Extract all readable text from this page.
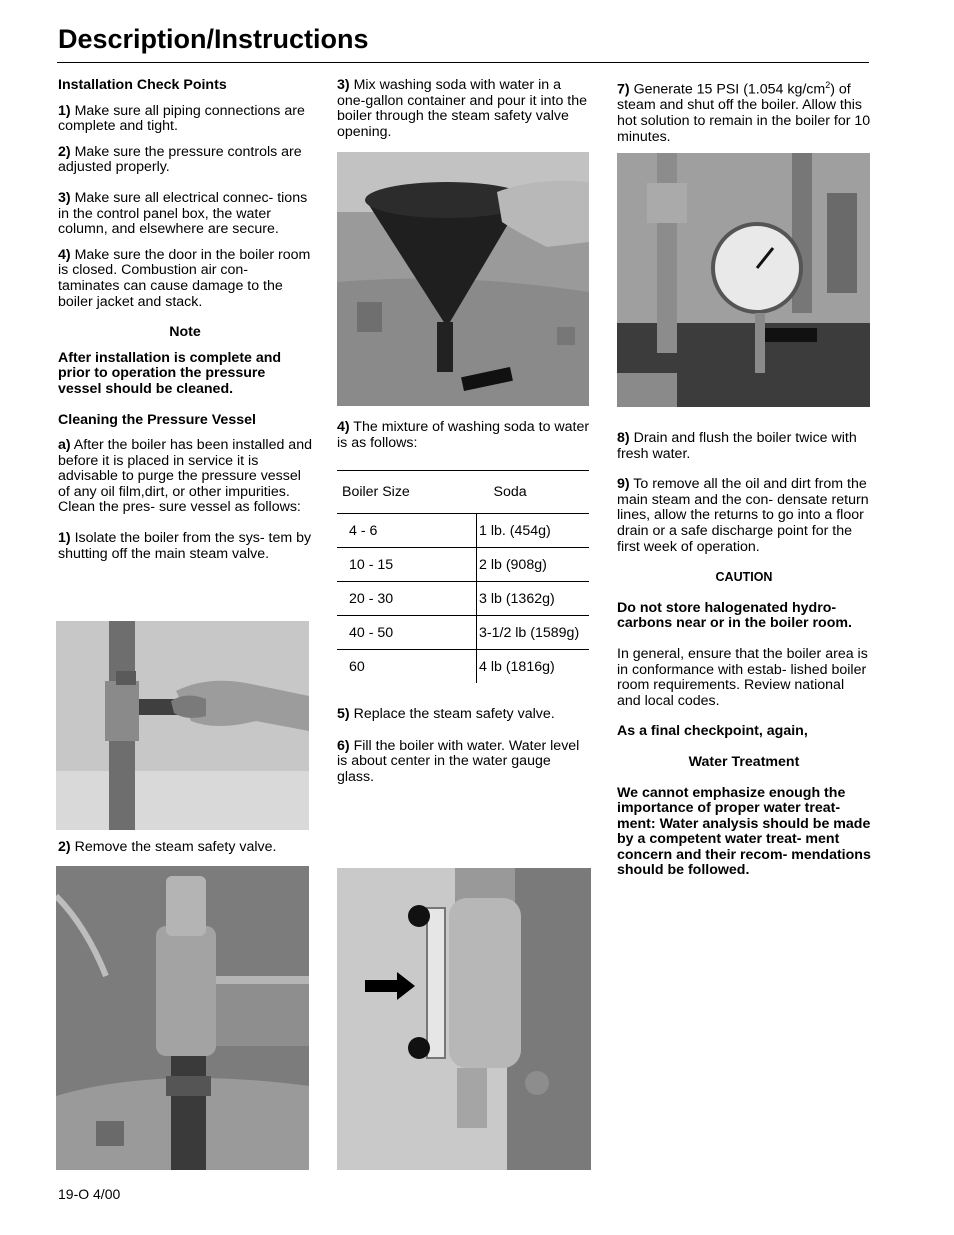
Description/Instructions

Installation Check Points

1) Make sure all piping connections are complete and tight.

2) Make sure the pressure controls are adjusted properly.

3) Make sure all electrical connec- tions in the control panel box, the water column, and elsewhere are secure.

4) Make sure the door in the boiler room is closed. Combustion air con- taminates can cause damage to the boiler jacket and stack.

Note

After installation is complete and prior to operation the pressure vessel should be cleaned.

Cleaning the Pressure Vessel

a) After the boiler has been installed and before it is placed in service it is advisable to purge the pressure vessel of any oil film,dirt, or other impurities. Clean the pres- sure vessel as follows:

1) Isolate the boiler from the sys- tem by shutting off the main steam valve.

2) Remove the steam safety valve.

3) Mix washing soda with water in a one-gallon container and pour it into the boiler through the steam safety valve opening.

4) The mixture of washing soda to water is as follows:

Boiler Size	Soda
4 - 6	1 lb. (454g)
10 - 15	2 lb (908g)
20 - 30	3 lb (1362g)
40 - 50	3-1/2 lb (1589g)
60	4 lb (1816g)

5) Replace the steam safety valve.

6) Fill the boiler with water. Water level is about center in the water gauge glass.

7) Generate 15 PSI (1.054 $kg/cm^2$) of steam and shut off the boiler. Allow this hot solution to remain in the boiler for 10 minutes.

8) Drain and flush the boiler twice with fresh water.

9) To remove all the oil and dirt from the main steam and the con- densate return lines, allow the returns to go into a floor drain or a safe discharge point for the first week of operation.

CAUTION

Do not store halogenated hydro- carbons near or in the boiler room.

In general, ensure that the boiler area is in conformance with estab- lished boiler room requirements. Review national and local codes.

As a final checkpoint, again,

Water Treatment

We cannot emphasize enough the importance of proper water treat- ment: Water analysis should be made by a competent water treat- ment concern and their recom- mendations should be followed.

19-O 4/00
